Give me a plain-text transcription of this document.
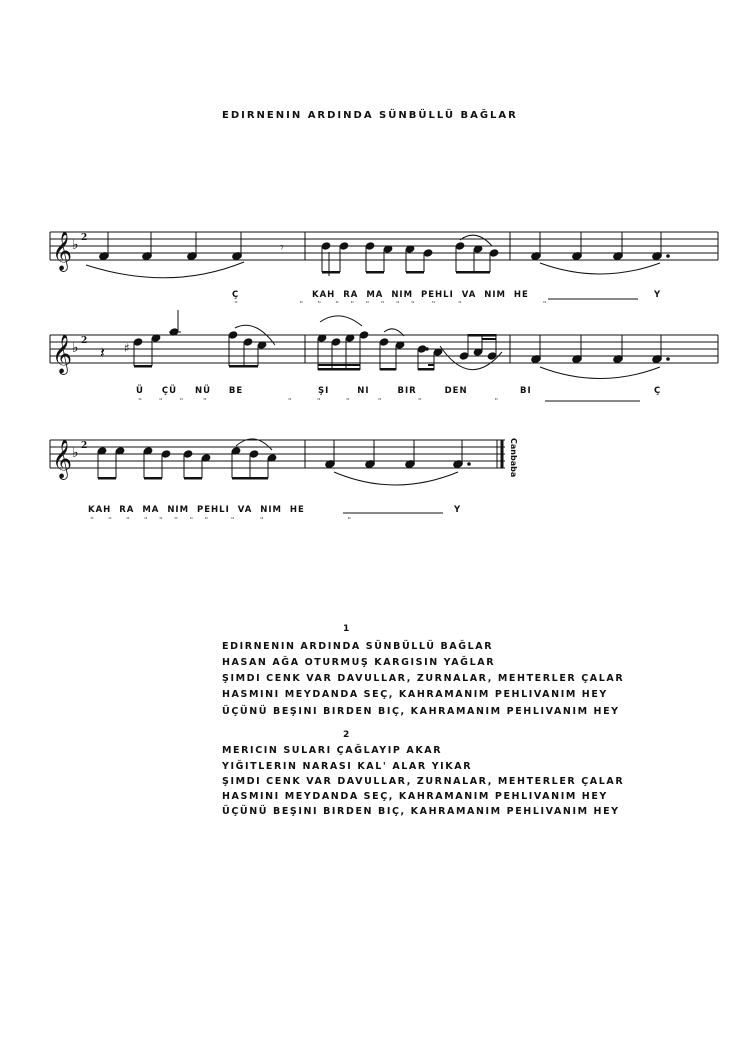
EDIRNENIN ARDINDA SÜNBÜLLÜ BAĞLAR
𝄞
𝄞
𝄞
♭
♭
♭
2
2
2
𝄾
𝄽 ♯
Ç	KAH RA MA NIM PEHLI VA NIM HE	Y
¨                      ¨     ¨     ¨    ¨    ¨    ¨    ¨    ¨      ¨        ¨                             ¨
Ü ÇÜ NÜ BE	ŞI NI BIR DEN	BI	Ç
¨      ¨      ¨       ¨                             ¨         ¨         ¨          ¨             ¨                          ¨
KAH RA MA NIM PEHLI VA NIM HE	Y
¨     ¨     ¨     ¨    ¨    ¨    ¨    ¨        ¨         ¨                              ¨
Canbaba
1
EDIRNENIN ARDINDA SÜNBÜLLÜ BAĞLAR
HASAN AĞA OTURMUŞ KARGISIN YAĞLAR
ŞIMDI CENK VAR DAVULLAR, ZURNALAR, MEHTERLER ÇALAR
HASMINI MEYDANDA SEÇ, KAHRAMANIM PEHLIVANIM HEY
ÜÇÜNÜ BEŞINI BIRDEN BIÇ, KAHRAMANIM PEHLIVANIM HEY
2
MERICIN SULARI ÇAĞLAYIP AKAR
YIĞITLERIN NARASI KAL' ALAR YIKAR
ŞIMDI CENK VAR DAVULLAR, ZURNALAR, MEHTERLER ÇALAR
HASMINI MEYDANDA SEÇ, KAHRAMANIM PEHLIVANIM HEY
ÜÇÜNÜ BEŞINI BIRDEN BIÇ, KAHRAMANIM PEHLIVANIM HEY
